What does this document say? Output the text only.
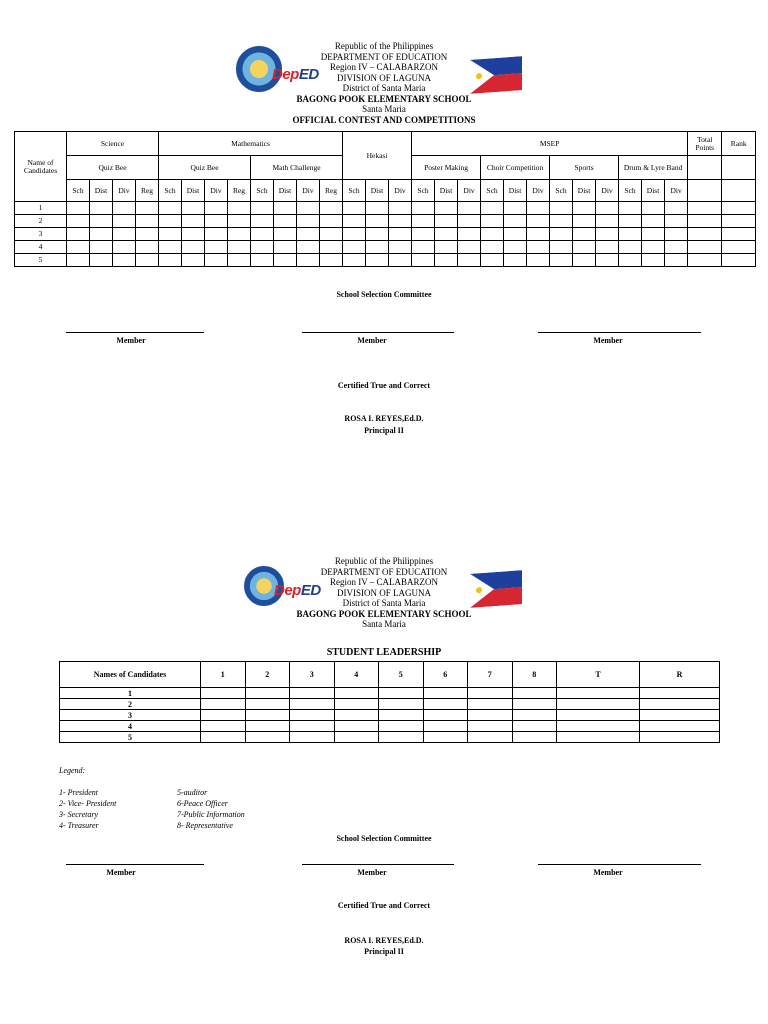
DepED
Republic of the Philippines
DEPARTMENT OF EDUCATION
Region IV – CALABARZON
DIVISION OF LAGUNA
District of Santa Maria
BAGONG POOK ELEMENTARY SCHOOL
Santa Maria
OFFICIAL CONTEST AND COMPETITIONS
Name of Candidates	Science				Mathematics								Hekasi			MSEP												Total Points	Rank
	Quiz Bee				Quiz Bee				Math Challenge							Poster Making			Choir Competition			Sports			Drum & Lyre Band				
	Sch	Dist	Div	Reg	Sch	Dist	Div	Reg	Sch	Dist	Div	Reg	Sch	Dist	Div	Sch	Dist	Div	Sch	Dist	Div	Sch	Dist	Div	Sch	Dist	Div		
1																													
2																													
3																													
4																													
5																													
School Selection Committee
Member	Member	Member
Certified True and Correct
ROSA I. REYES,Ed.D.
Principal II
DepED
Republic of the Philippines
DEPARTMENT OF EDUCATION
Region IV – CALABARZON
DIVISION OF LAGUNA
District of Santa Maria
BAGONG POOK ELEMENTARY SCHOOL
Santa Maria
STUDENT LEADERSHIP
Names of Candidates	1	2	3	4	5	6	7	8	T	R
1										
2										
3										
4										
5										
Legend:
1- President
2- Vice- President
3- Secretary
4- Treasurer
5-auditor
6-Peace Officer
7-Public Information
8- Representative
School Selection Committee
Member	Member	Member
Certified True and Correct
ROSA I. REYES,Ed.D.
Principal II
